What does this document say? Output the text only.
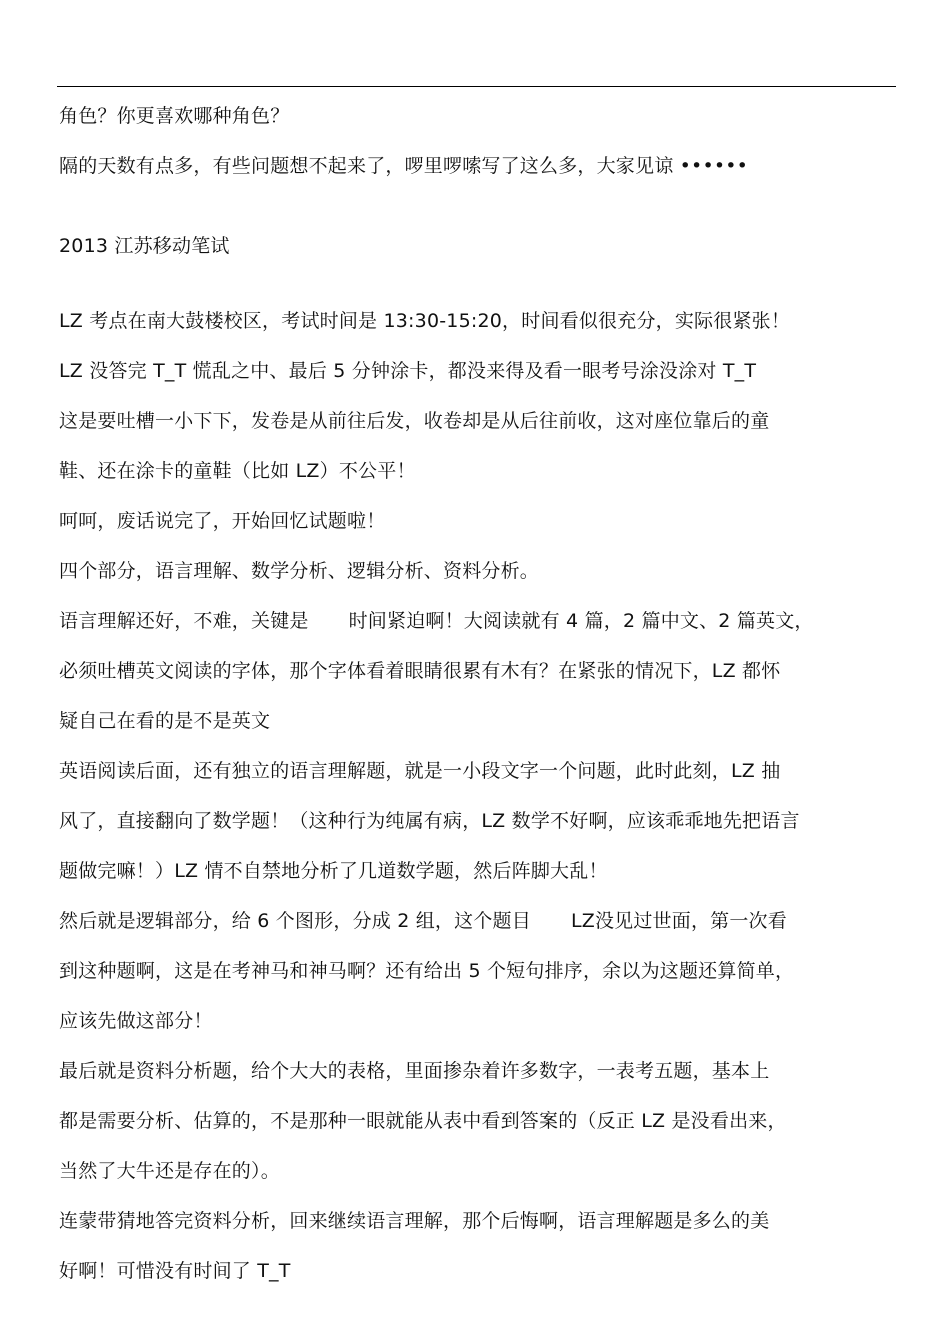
角色？你更喜欢哪种角色？
隔的天数有点多，有些问题想不起来了，啰里啰嗦写了这么多，大家见谅 ••••••
2013 江苏移动笔试
LZ 考点在南大鼓楼校区，考试时间是 13:30-15:20，时间看似很充分，实际很紧张！
LZ 没答完 T_T 慌乱之中、最后 5 分钟涂卡，都没来得及看一眼考号涂没涂对 T_T
这是要吐槽一小下下，发卷是从前往后发，收卷却是从后往前收，这对座位靠后的童
鞋、还在涂卡的童鞋（比如 LZ）不公平！
呵呵，废话说完了，开始回忆试题啦！
四个部分，语言理解、数学分析、逻辑分析、资料分析。
语言理解还好，不难，关键是 时间紧迫啊！大阅读就有 4 篇，2 篇中文、2 篇英文，
必须吐槽英文阅读的字体，那个字体看着眼睛很累有木有？在紧张的情况下，LZ 都怀
疑自己在看的是不是英文
英语阅读后面，还有独立的语言理解题，就是一小段文字一个问题，此时此刻，LZ 抽
风了，直接翻向了数学题！（这种行为纯属有病，LZ 数学不好啊，应该乖乖地先把语言
题做完嘛！）LZ 情不自禁地分析了几道数学题，然后阵脚大乱！
然后就是逻辑部分，给 6 个图形，分成 2 组，这个题目 LZ没见过世面，第一次看
到这种题啊，这是在考神马和神马啊？还有给出 5 个短句排序，余以为这题还算简单，
应该先做这部分！
最后就是资料分析题，给个大大的表格，里面掺杂着许多数字，一表考五题，基本上
都是需要分析、估算的，不是那种一眼就能从表中看到答案的（反正 LZ 是没看出来，
当然了大牛还是存在的）。
连蒙带猜地答完资料分析，回来继续语言理解，那个后悔啊，语言理解题是多么的美
好啊！可惜没有时间了 T_T
